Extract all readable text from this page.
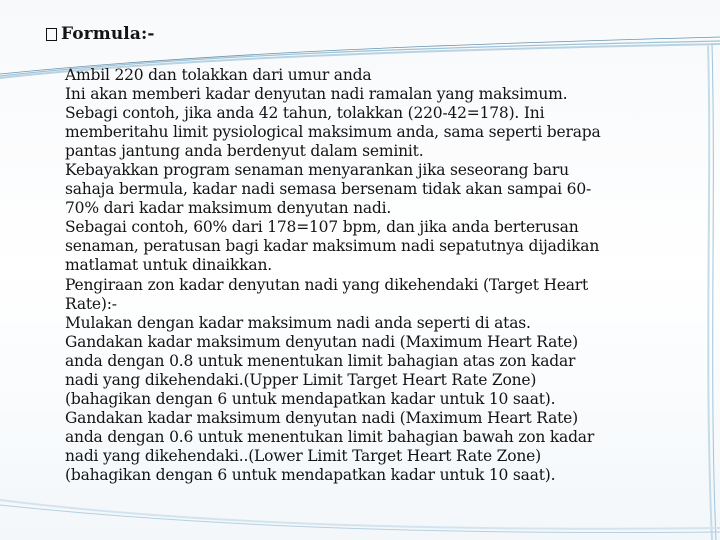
Formula:-
Ambil 220 dan tolakkan dari umur anda
Ini akan memberi kadar denyutan nadi ramalan yang maksimum.
Sebagi contoh, jika anda 42 tahun, tolakkan (220-42=178). Ini
memberitahu limit pysiological maksimum anda, sama seperti berapa
pantas jantung anda berdenyut dalam seminit.
Kebayakkan program senaman menyarankan jika seseorang baru
sahaja bermula, kadar nadi semasa bersenam tidak akan sampai 60-
70% dari kadar maksimum denyutan nadi.
Sebagai contoh, 60% dari 178=107 bpm, dan jika anda berterusan
senaman, peratusan bagi kadar maksimum nadi sepatutnya dijadikan
matlamat untuk dinaikkan.
Pengiraan zon kadar denyutan nadi yang dikehendaki (Target Heart
Rate):-
Mulakan dengan kadar maksimum nadi anda seperti di atas.
Gandakan kadar maksimum denyutan nadi (Maximum Heart Rate)
anda dengan 0.8 untuk menentukan limit bahagian atas zon kadar
nadi yang dikehendaki.(Upper Limit Target Heart Rate Zone)
(bahagikan dengan 6 untuk mendapatkan kadar untuk 10 saat).
Gandakan kadar maksimum denyutan nadi (Maximum Heart Rate)
anda dengan 0.6 untuk menentukan limit bahagian bawah zon kadar
nadi yang dikehendaki..(Lower Limit Target Heart Rate Zone)
(bahagikan dengan 6 untuk mendapatkan kadar untuk 10 saat).
